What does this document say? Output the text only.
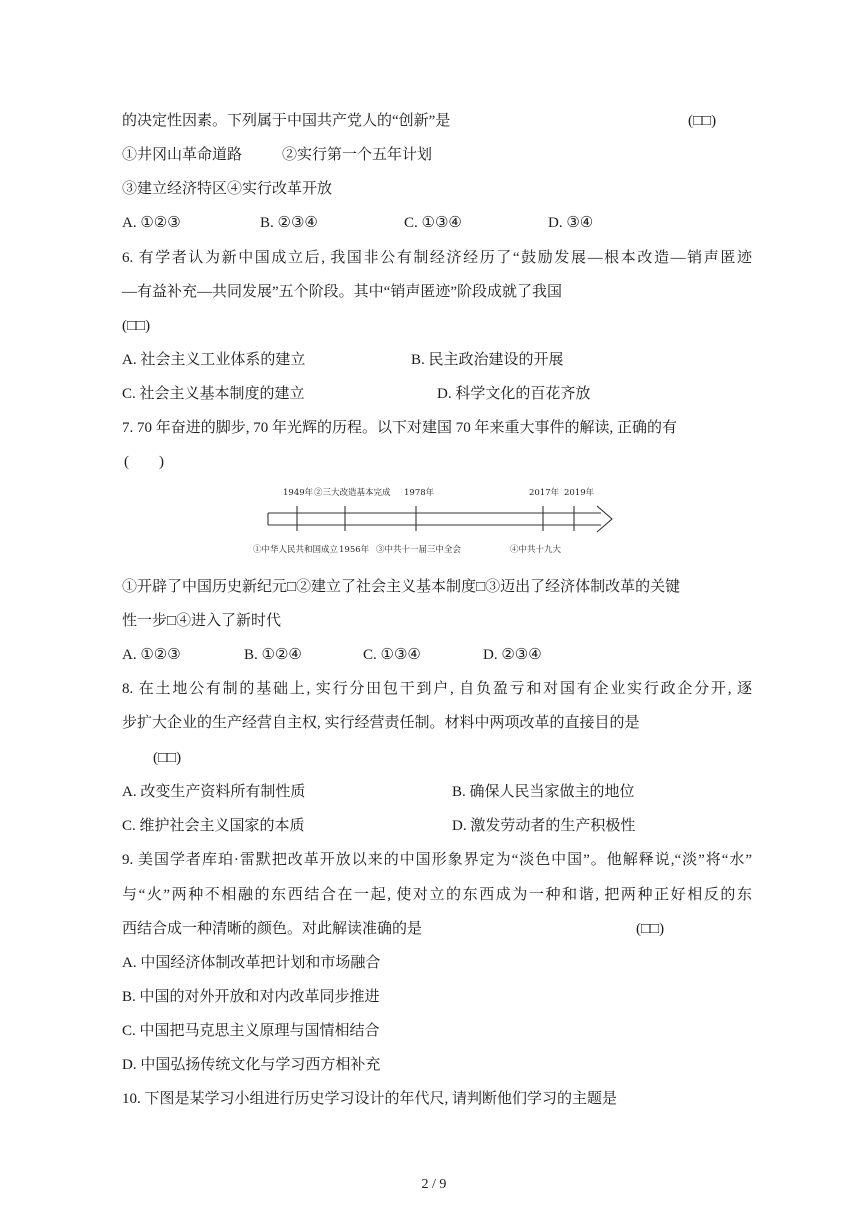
的决定性因素。下列属于中国共产党人的“创新”是	(□□)
①井冈山革命道路	②实行第一个五年计划
③建立经济特区④实行改革开放
A. ①②③	B. ②③④	C. ①③④	D. ③④
6. 有学者认为新中国成立后, 我国非公有制经济经历了“鼓励发展—根本改造—销声匿迹
—有益补充—共同发展”五个阶段。其中“销声匿迹”阶段成就了我国
(□□)
A. 社会主义工业体系的建立	B. 民主政治建设的开展
C. 社会主义基本制度的建立	D. 科学文化的百花齐放
7. 70 年奋进的脚步, 70 年光辉的历程。以下对建国 70 年来重大事件的解读, 正确的有
(　　)
1949年 ②三大改造基本完成 1978年	2017年 2019年
①中华人民共和国成立 1956年 ③中共十一届三中全会	④中共十九大
①开辟了中国历史新纪元□②建立了社会主义基本制度□③迈出了经济体制改革的关键
性一步□④进入了新时代
A. ①②③	B. ①②④	C. ①③④	D. ②③④
8. 在土地公有制的基础上, 实行分田包干到户, 自负盈亏和对国有企业实行政企分开, 逐
步扩大企业的生产经营自主权, 实行经营责任制。材料中两项改革的直接目的是
(□□)
A. 改变生产资料所有制性质	B. 确保人民当家做主的地位
C. 维护社会主义国家的本质	D. 激发劳动者的生产积极性
9. 美国学者库珀·雷默把改革开放以来的中国形象界定为“淡色中国”。他解释说,“淡”将“水”
与“火”两种不相融的东西结合在一起, 使对立的东西成为一种和谐, 把两种正好相反的东
西结合成一种清晰的颜色。对此解读准确的是	(□□)
A. 中国经济体制改革把计划和市场融合
B. 中国的对外开放和对内改革同步推进
C. 中国把马克思主义原理与国情相结合
D. 中国弘扬传统文化与学习西方相补充
10. 下图是某学习小组进行历史学习设计的年代尺, 请判断他们学习的主题是
2 / 9
